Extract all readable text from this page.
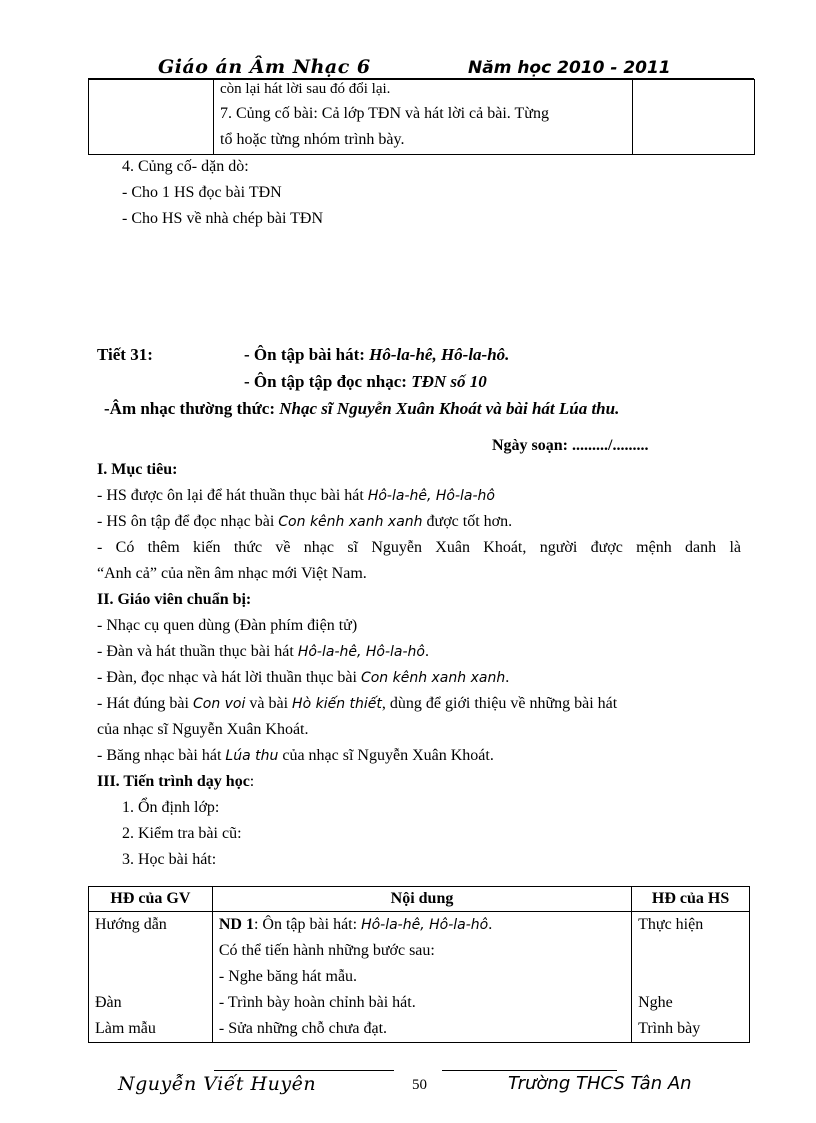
Giáo án Âm Nhạc 6	Năm học 2010 - 2011
còn lại hát lời sau đó đổi lại.
7. Củng cố bài: Cả lớp TĐN và hát lời cả bài. Từng
tổ hoặc từng nhóm trình bày.
4. Củng cố- dặn dò:
- Cho 1 HS đọc bài TĐN
- Cho HS về nhà chép bài TĐN
Tiết 31:	- Ôn tập bài hát: Hô-la-hê, Hô-la-hô.
- Ôn tập tập đọc nhạc: TĐN số 10
-Âm nhạc thường thức: Nhạc sĩ Nguyễn Xuân Khoát và bài hát Lúa thu.
Ngày soạn: ........./.........
I. Mục tiêu:
- HS được ôn lại để hát thuần thục bài hát Hô-la-hê, Hô-la-hô
- HS ôn tập để đọc nhạc bài Con kênh xanh xanh được tốt hơn.
- Có thêm kiến thức về nhạc sĩ Nguyễn Xuân Khoát, người được mệnh danh là
“Anh cả” của nền âm nhạc mới Việt Nam.
II. Giáo viên chuẩn bị:
- Nhạc cụ quen dùng (Đàn phím điện tử)
- Đàn và hát thuần thục bài hát Hô-la-hê, Hô-la-hô.
- Đàn, đọc nhạc và hát lời thuần thục bài Con kênh xanh xanh.
- Hát đúng bài Con voi và bài Hò kiến thiết, dùng để giới thiệu về những bài hát
của nhạc sĩ Nguyễn Xuân Khoát.
- Băng nhạc bài hát Lúa thu của nhạc sĩ Nguyễn Xuân Khoát.
III. Tiến trình dạy học:
1. Ổn định lớp:
2. Kiểm tra bài cũ:
3. Học bài hát:
HĐ của GV	Nội dung	HĐ của HS
Hướng dẫn	ND 1: Ôn tập bài hát: Hô-la-hê, Hô-la-hô.	Thực hiện
	Có thể tiến hành những bước sau:	
	- Nghe băng hát mẫu.	
Đàn	- Trình bày hoàn chỉnh bài hát.	Nghe
Làm mẫu	- Sửa những chỗ chưa đạt.	Trình bày
Nguyễn Viết Huyên	50	Trường THCS Tân An
